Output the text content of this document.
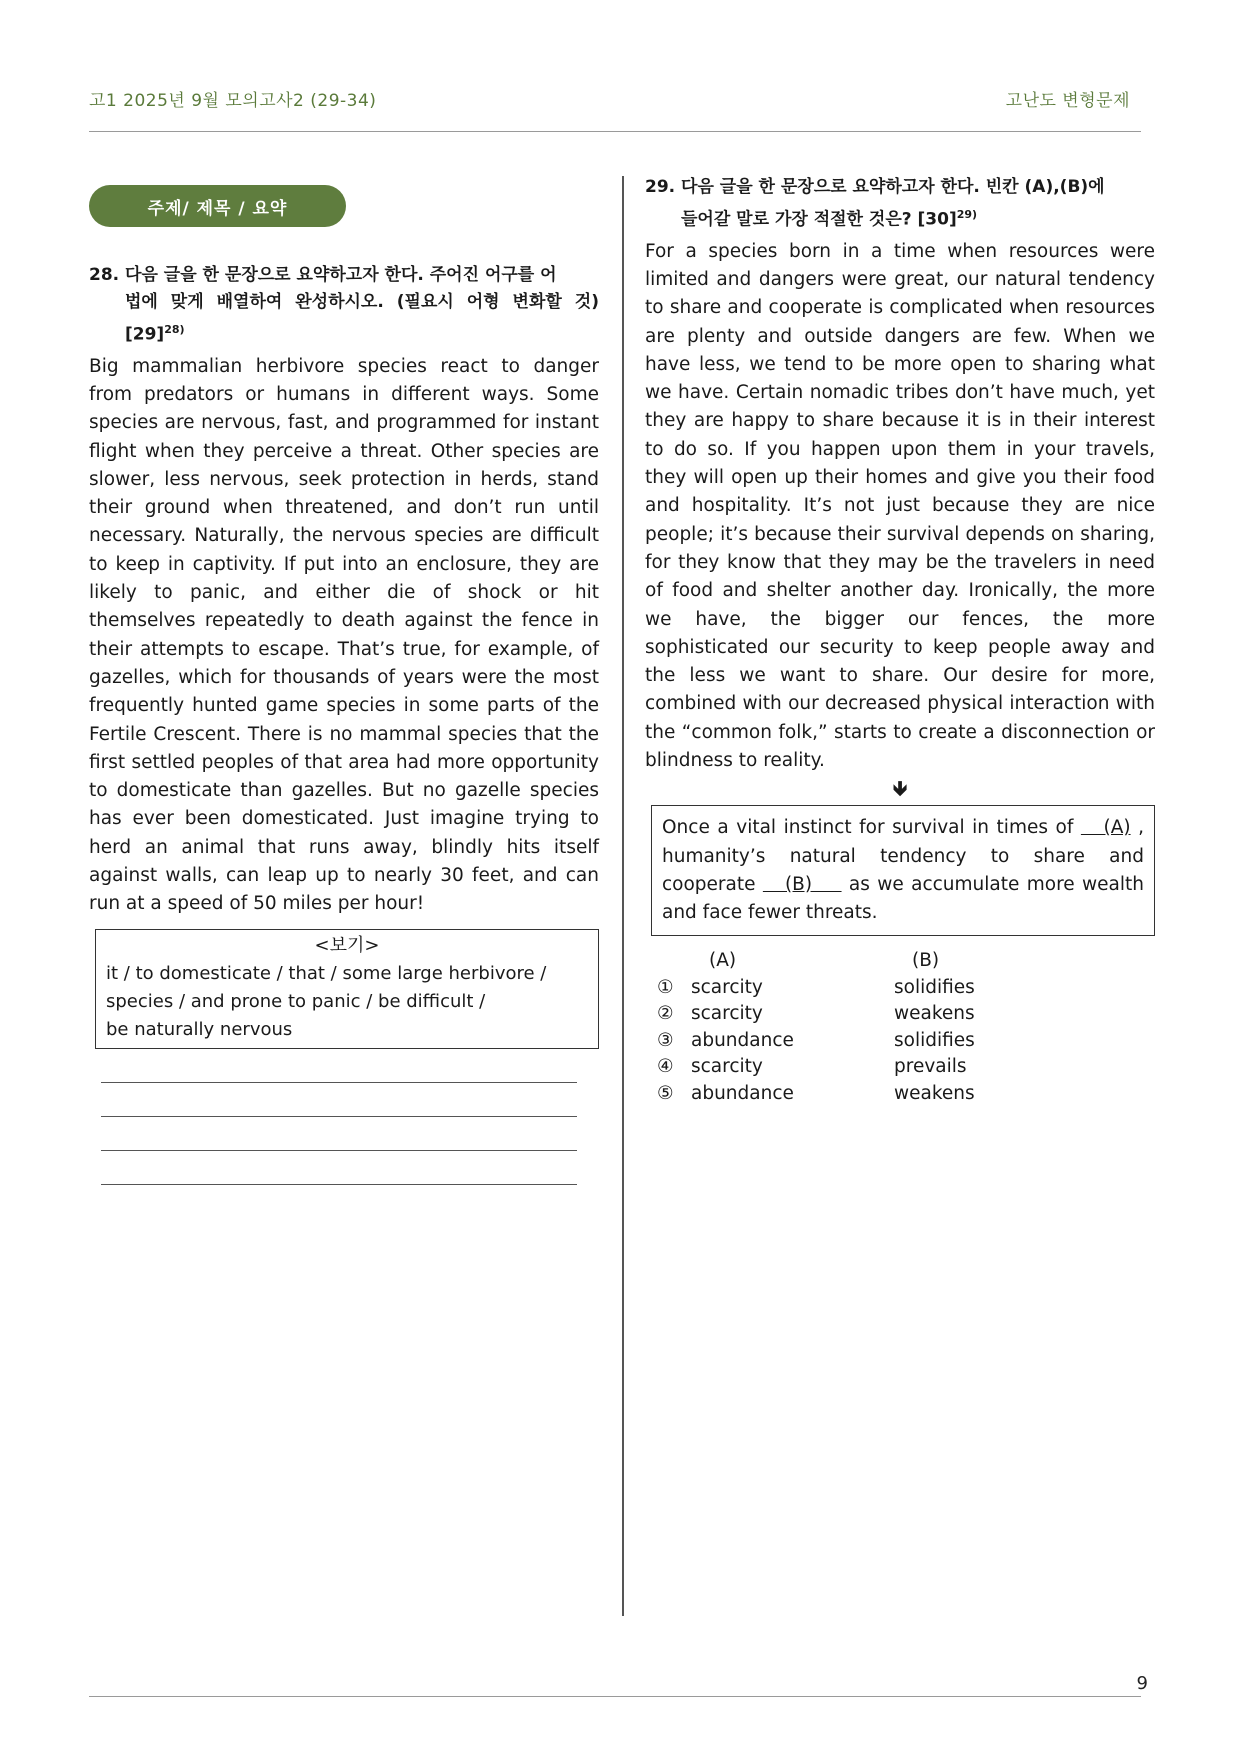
고1 2025년 9월 모의고사2 (29-34)	고난도 변형문제
주제/ 제목 / 요약
28. 다음 글을 한 문장으로 요약하고자 한다. 주어진 어구를 어
법에 맞게 배열하여 완성하시오. (필요시 어형 변화할 것) $[29]^{28)}$
Big mammalian herbivore species react to danger from predators or humans in different ways. Some species are nervous, fast, and programmed for instant flight when they perceive a threat. Other species are slower, less nervous, seek protection in herds, stand their ground when threatened, and don’t run until necessary. Naturally, the nervous species are difficult to keep in captivity. If put into an enclosure, they are likely to panic, and either die of shock or hit themselves repeatedly to death against the fence in their attempts to escape. That’s true, for example, of gazelles, which for thousands of years were the most frequently hunted game species in some parts of the Fertile Crescent. There is no mammal species that the first settled peoples of that area had more opportunity to domesticate than gazelles. But no gazelle species has ever been domesticated. Just imagine trying to herd an animal that runs away, blindly hits itself against walls, can leap up to nearly 30 feet, and can run at a speed of 50 miles per hour!
<보기>
it / to domesticate / that / some large herbivore /
species / and prone to panic / be difficult /
be naturally nervous
29. 다음 글을 한 문장으로 요약하고자 한다. 빈칸 (A),(B)에
들어갈 말로 가장 적절한 것은? $[30]^{29)}$
For a species born in a time when resources were limited and dangers were great, our natural tendency to share and cooperate is complicated when resources are plenty and outside dangers are few. When we have less, we tend to be more open to sharing what we have. Certain nomadic tribes don’t have much, yet they are happy to share because it is in their interest to do so. If you happen upon them in your travels, they will open up their homes and give you their food and hospitality. It’s not just because they are nice people; it’s because their survival depends on sharing, for they know that they may be the travelers in need of food and shelter another day. Ironically, the more we have, the bigger our fences, the more sophisticated our security to keep people away and the less we want to share. Our desire for more, combined with our decreased physical interaction with the “common folk,” starts to create a disconnection or blindness to reality.
🡻
Once a vital instinct for survival in times of    (A) , humanity’s natural tendency to share and cooperate    (B)     as we accumulate more wealth and face fewer threats.
(A)	(B)
① scarcity	solidifies
② scarcity	weakens
③ abundance	solidifies
④ scarcity	prevails
⑤ abundance	weakens
9
